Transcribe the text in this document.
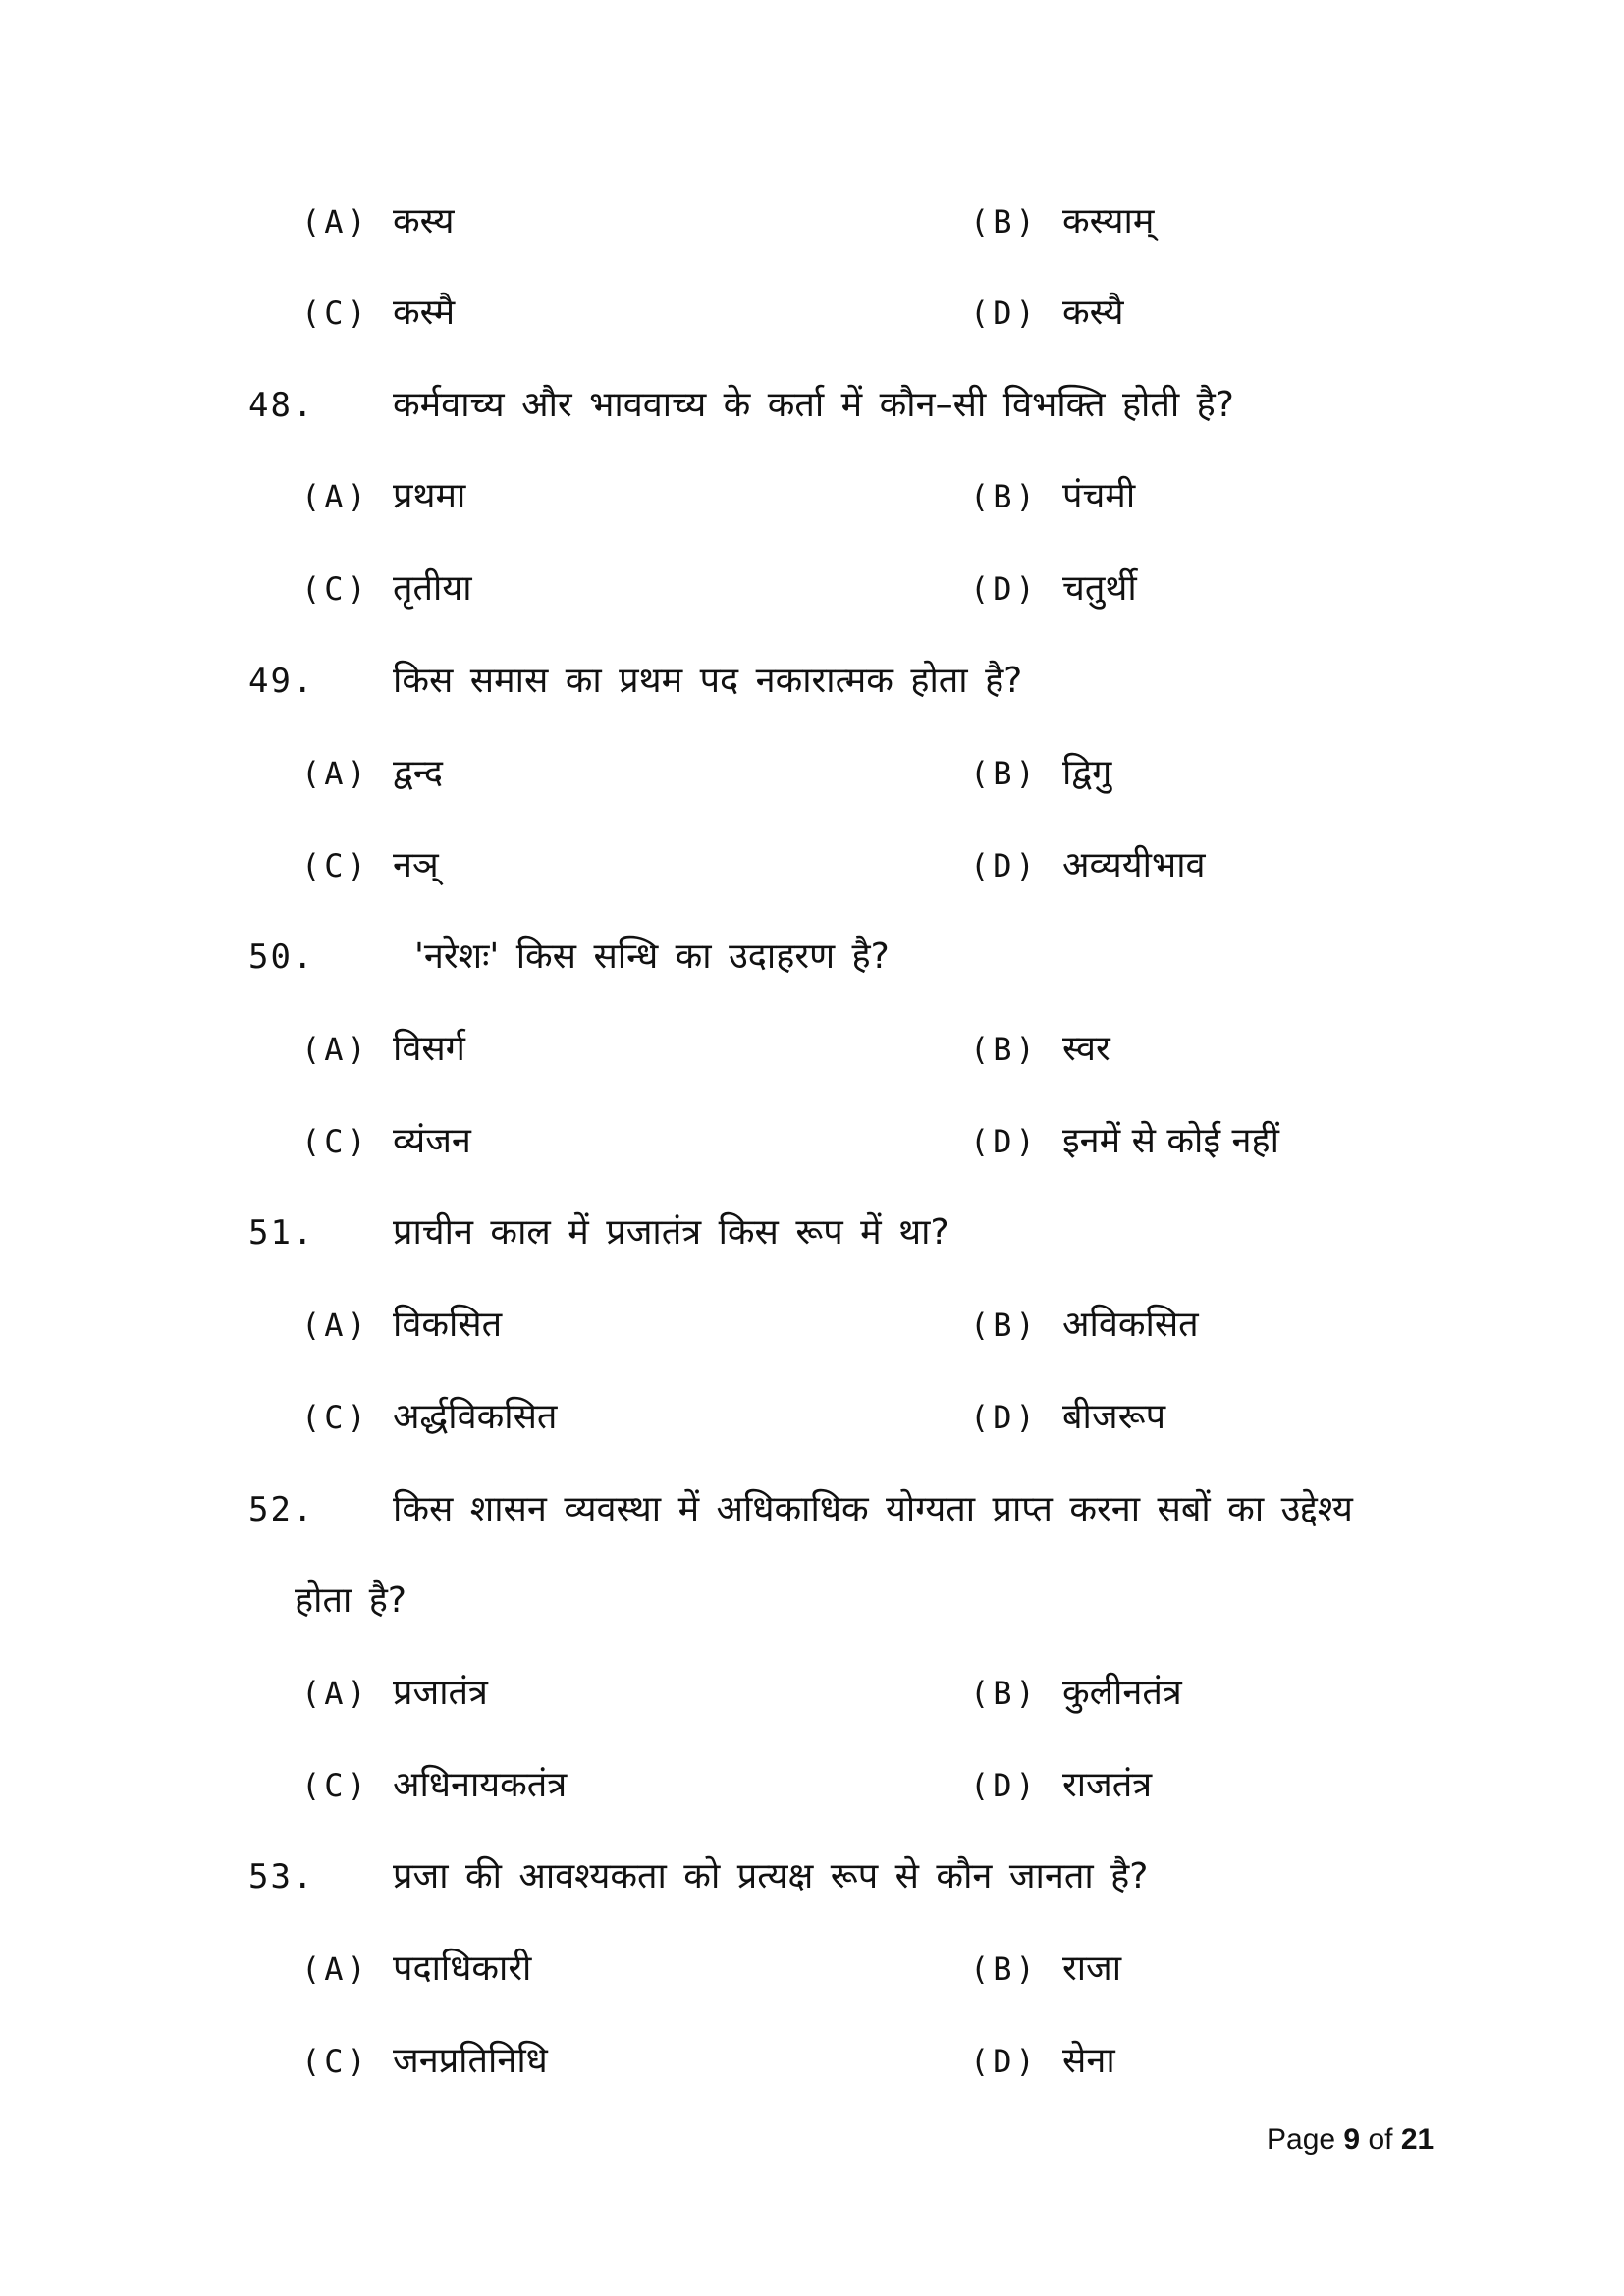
(A) कस्य	(B) कस्याम्
(C) कस्मै	(D) कस्यै
48. कर्मवाच्य और भाववाच्य के कर्ता में कौन–सी विभक्ति होती है?
(A) प्रथमा	(B) पंचमी
(C) तृतीया	(D) चतुर्थी
49. किस समास का प्रथम पद नकारात्मक होता है?
(A) द्वन्द	(B) द्विगु
(C) नञ्	(D) अव्ययीभाव
50.	'नरेशः' किस सन्धि का उदाहरण है?
(A) विसर्ग	(B) स्वर
(C) व्यंजन	(D) इनमें से कोई नहीं
51. प्राचीन काल में प्रजातंत्र किस रूप में था?
(A) विकसित	(B) अविकसित
(C) अर्द्धविकसित	(D) बीजरूप
52. किस शासन व्यवस्था में अधिकाधिक योग्यता प्राप्त करना सबों का उद्देश्य
होता है?
(A) प्रजातंत्र	(B) कुलीनतंत्र
(C) अधिनायकतंत्र	(D) राजतंत्र
53. प्रजा की आवश्यकता को प्रत्यक्ष रूप से कौन जानता है?
(A) पदाधिकारी	(B) राजा
(C) जनप्रतिनिधि	(D) सेना
Page 9 of 21
